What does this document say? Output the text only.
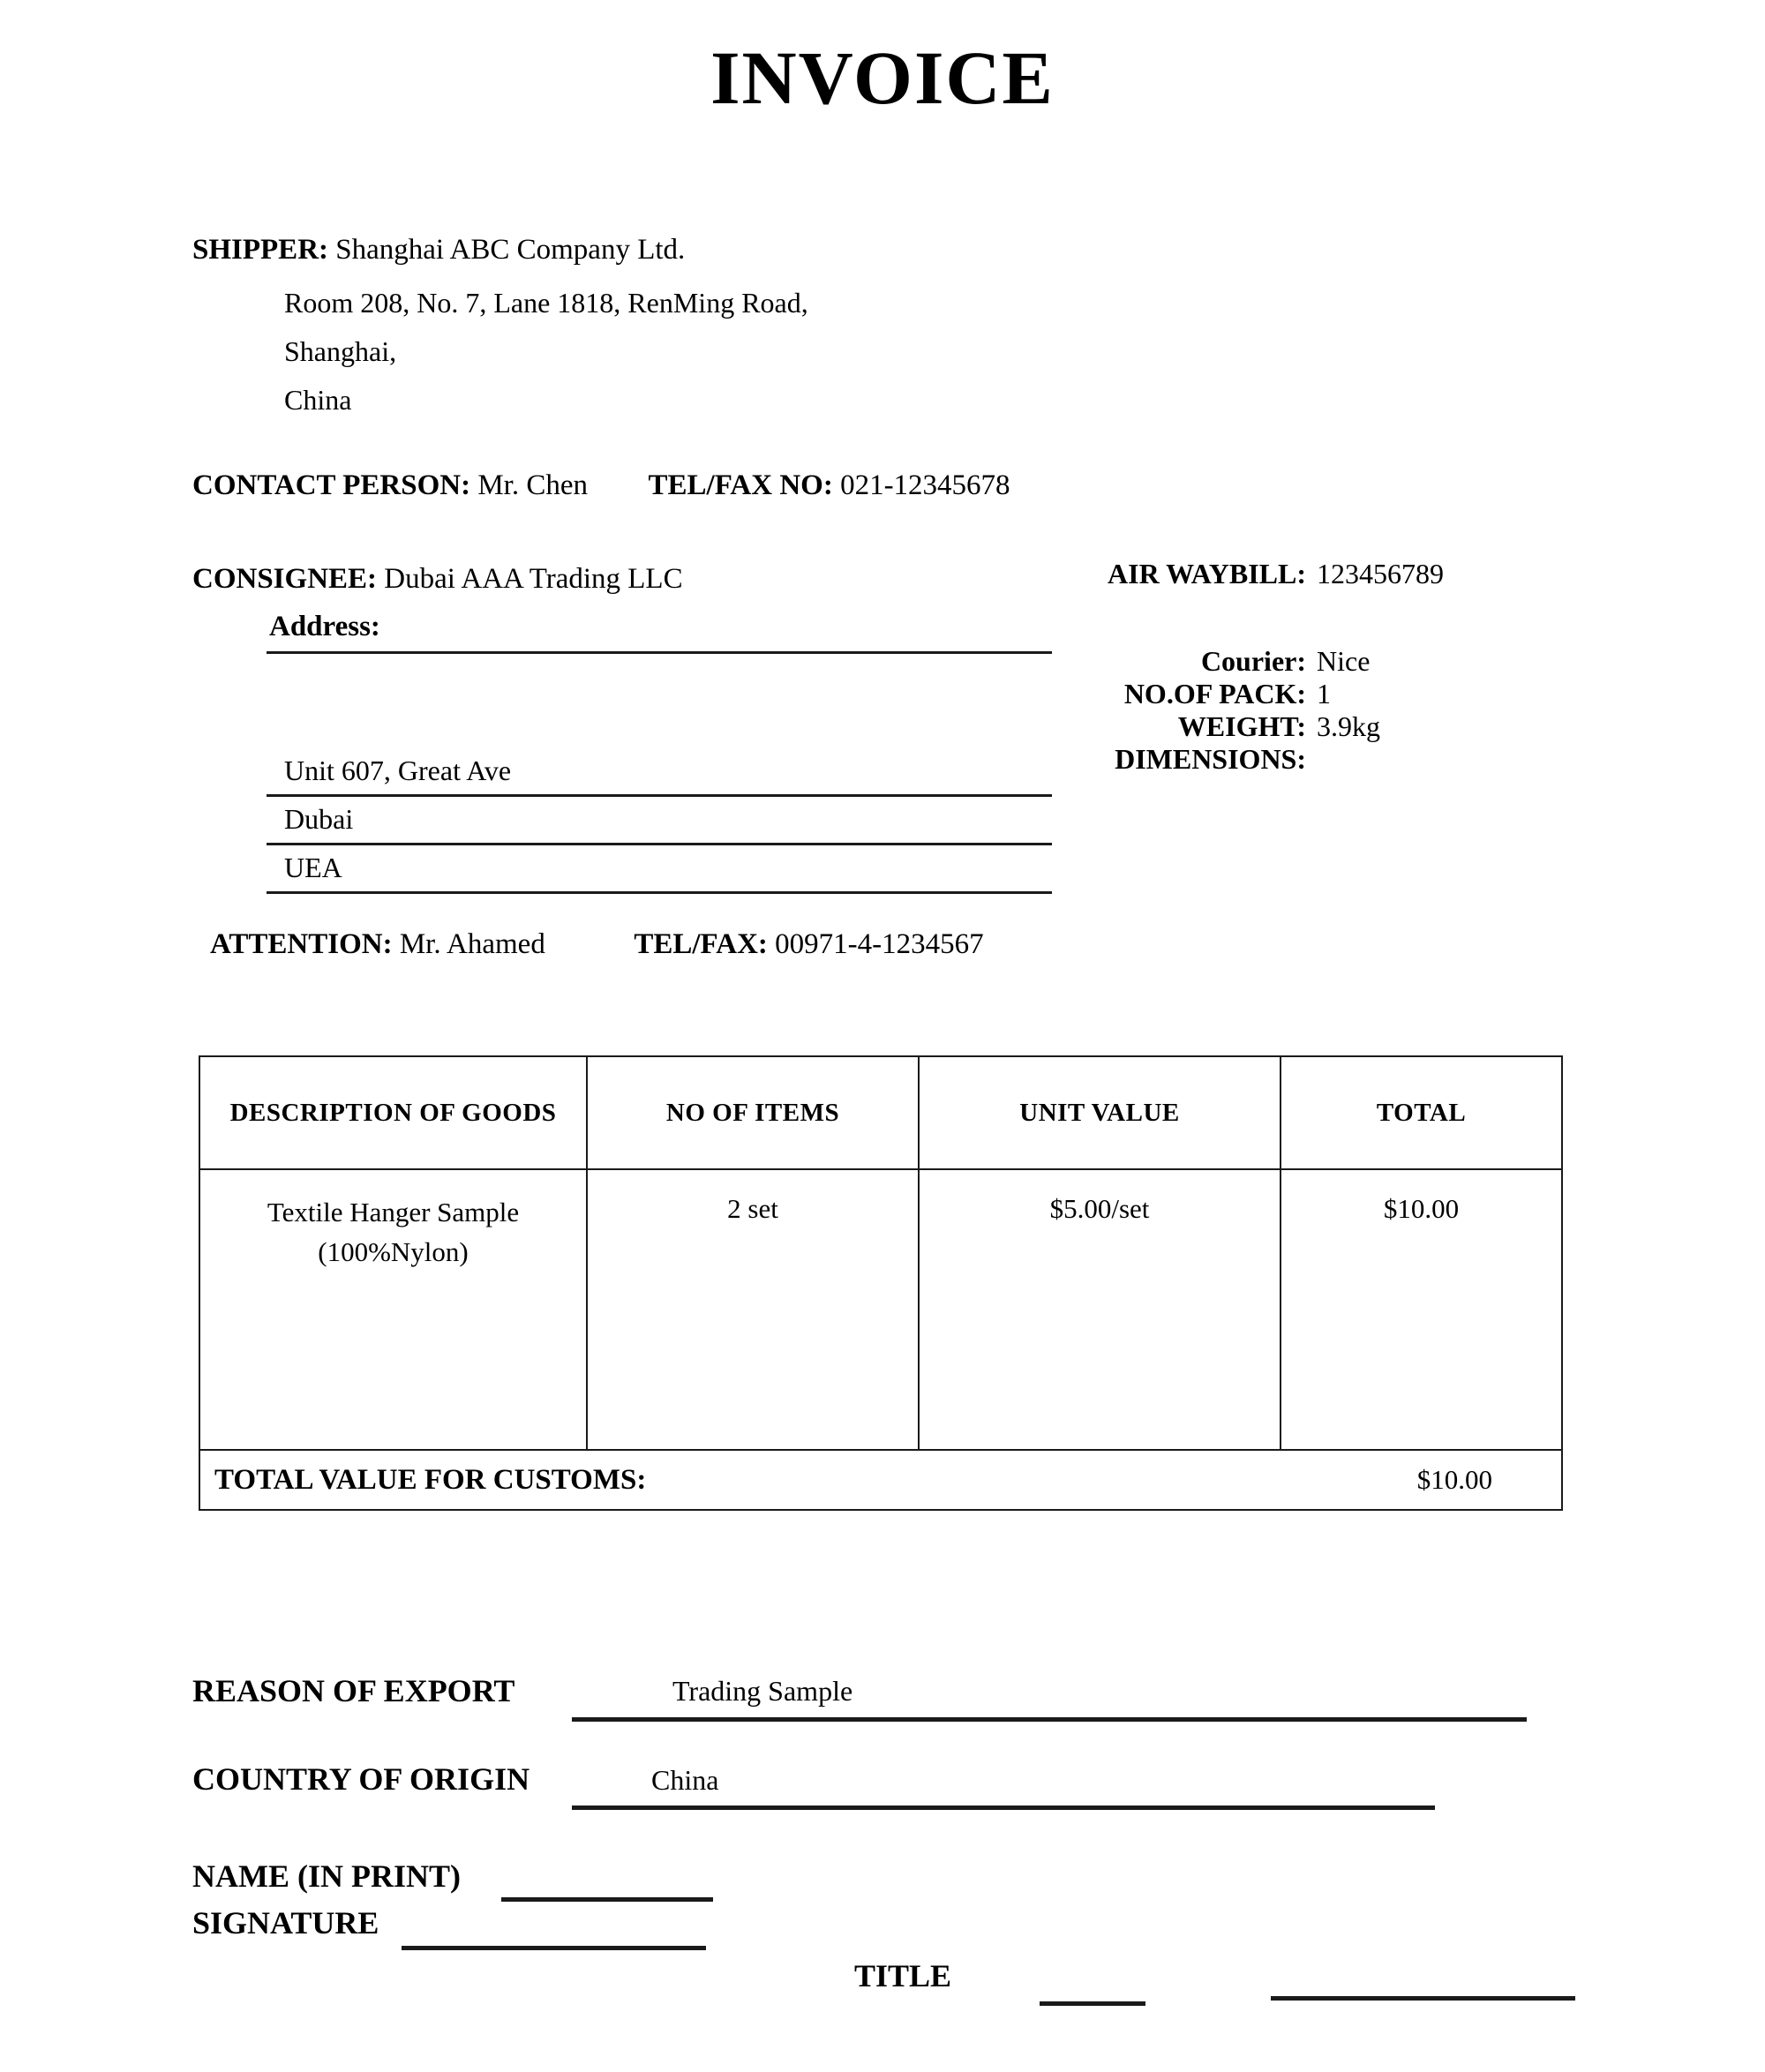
INVOICE
SHIPPER: Shanghai ABC Company Ltd.
Room 208, No. 7, Lane 1818, RenMing Road,
Shanghai,
China
CONTACT PERSON: Mr. Chen TEL/FAX NO: 021-12345678
CONSIGNEE: Dubai AAA Trading LLC
Address:
Unit 607, Great Ave
Dubai
UEA
ATTENTION: Mr. Ahamed	TEL/FAX: 00971-4-1234567
AIR WAYBILL: 123456789
Courier: Nice
NO.OF PACK: 1
WEIGHT: 3.9kg
DIMENSIONS:
DESCRIPTION OF GOODS	NO OF ITEMS	UNIT VALUE	TOTAL

Textile Hanger Sample
(100%Nylon)	2 set	$5.00/set	$10.00

TOTAL VALUE FOR CUSTOMS: $10.00			
REASON OF EXPORT	Trading Sample
COUNTRY OF ORIGIN	China
NAME (IN PRINT)
SIGNATURE
TITLE
